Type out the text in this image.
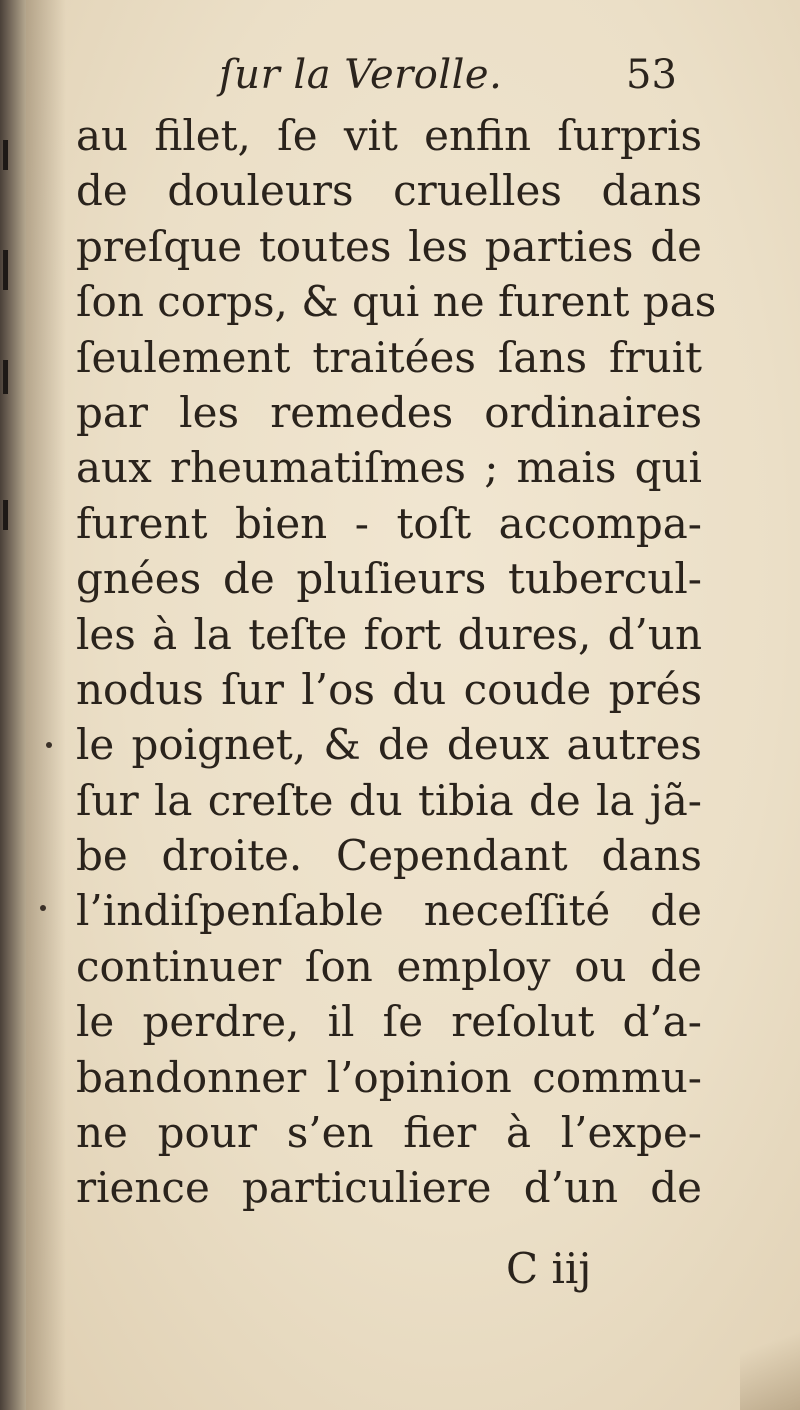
ſur la Verolle.	53
au filet, ſe vit enfin ſurpris
de douleurs cruelles dans
preſque toutes les parties de
ſon corps, & qui ne furent pas
ſeulement traitées ſans fruit
par les remedes ordinaires
aux rheumatiſmes ; mais qui
furent bien - toſt accompa-
gnées de pluſieurs tubercul-
les à la teſte fort dures, d’un
nodus ſur l’os du coude prés
le poignet, & de deux autres
ſur la creſte du tibia de la jã-
be droite. Cependant dans
l’indiſpenſable neceſſité de
continuer ſon employ ou de
le perdre, il ſe reſolut d’a-
bandonner l’opinion commu-
ne pour s’en fier à l’expe-
rience particuliere d’un de
C iij
